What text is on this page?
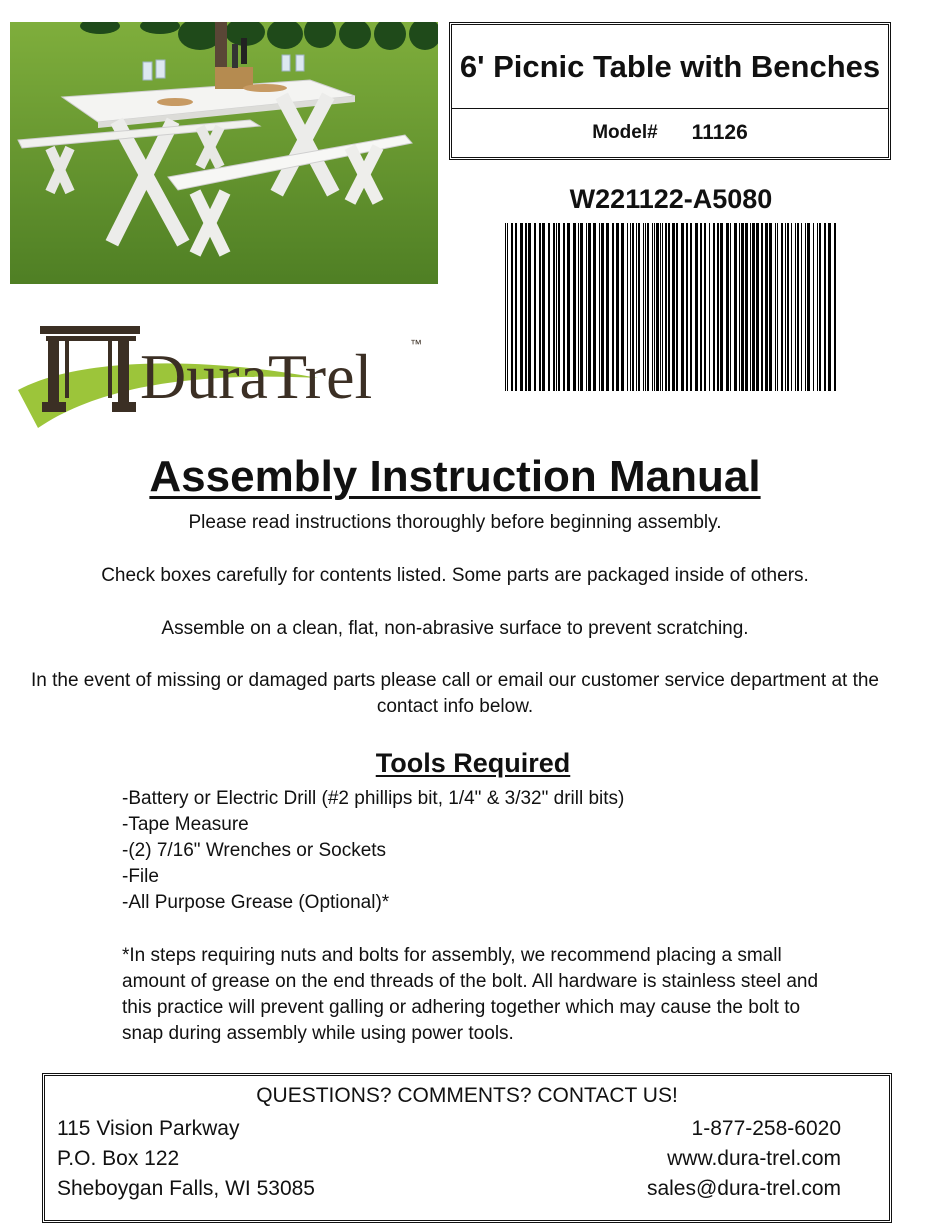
6' Picnic Table with Benches
Model# 11126
W221122-A5080
DuraTrel	™
Assembly Instruction Manual
Please read instructions thoroughly before beginning assembly.
Check boxes carefully for contents listed. Some parts are packaged inside of others.
Assemble on a clean, flat, non-abrasive surface to prevent scratching.
In the event of missing or damaged parts please call or email our customer service department at the contact info below.
Tools Required
-Battery or Electric Drill (#2 phillips bit, 1/4" & 3/32" drill bits)
-Tape Measure
-(2) 7/16" Wrenches or Sockets
-File
-All Purpose Grease (Optional)*
*In steps requiring nuts and bolts for assembly, we recommend placing a small amount of grease on the end threads of the bolt. All hardware is stainless steel and this practice will prevent galling or adhering together which may cause the bolt to snap during assembly while using power tools.
QUESTIONS? COMMENTS? CONTACT US!
115 Vision Parkway
P.O. Box 122
Sheboygan Falls, WI 53085
1-877-258-6020
www.dura-trel.com
sales@dura-trel.com
